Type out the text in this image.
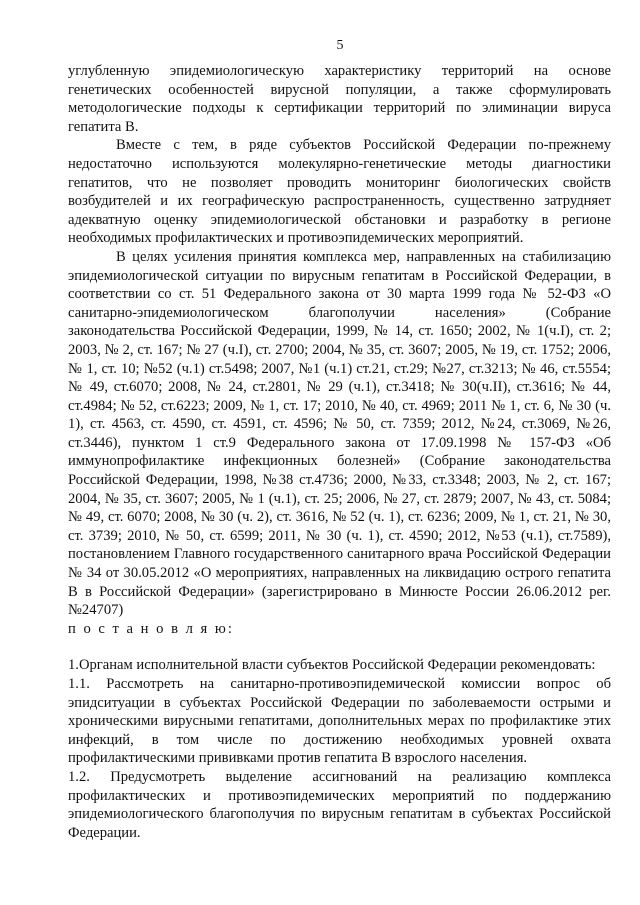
5

углубленную эпидемиологическую характеристику территорий на основе генетических особенностей вирусной популяции, а также сформулировать методологические подходы к сертификации территорий по элиминации вируса гепатита В.

Вместе с тем, в ряде субъектов Российской Федерации по-прежнему недостаточно используются молекулярно-генетические методы диагностики гепатитов, что не позволяет проводить мониторинг биологических свойств возбудителей и их географическую распространенность, существенно затрудняет адекватную оценку эпидемиологической обстановки и разработку в регионе необходимых профилактических и противоэпидемических мероприятий.

В целях усиления принятия комплекса мер, направленных на стабилизацию эпидемиологической ситуации по вирусным гепатитам в Российской Федерации, в соответствии со ст. 51 Федерального закона от 30 марта 1999 года № 52-ФЗ «О санитарно-эпидемиологическом благополучии населения» (Собрание законодательства Российской Федерации, 1999, № 14, ст. 1650; 2002, № 1(ч.I), ст. 2; 2003, № 2, ст. 167; № 27 (ч.I), ст. 2700; 2004, № 35, ст. 3607; 2005, № 19, ст. 1752; 2006, № 1, ст. 10; №52 (ч.1) ст.5498; 2007, №1 (ч.1) ст.21, ст.29; №27, ст.3213; № 46, ст.5554; № 49, ст.6070; 2008, № 24, ст.2801, № 29 (ч.1), ст.3418; № 30(ч.II), ст.3616; № 44, ст.4984; № 52, ст.6223; 2009, № 1, ст. 17; 2010, № 40, ст. 4969; 2011 № 1, ст. 6, № 30 (ч. 1), ст. 4563, ст. 4590, ст. 4591, ст. 4596; № 50, ст. 7359; 2012, №24, ст.3069, №26, ст.3446), пунктом 1 ст.9 Федерального закона от 17.09.1998 № 157-ФЗ «Об иммунопрофилактике инфекционных болезней» (Собрание законодательства Российской Федерации, 1998, №38 ст.4736; 2000, №33, ст.3348; 2003, № 2, ст. 167; 2004, № 35, ст. 3607; 2005, № 1 (ч.1), ст. 25; 2006, № 27, ст. 2879; 2007, № 43, ст. 5084; № 49, ст. 6070; 2008, № 30 (ч. 2), ст. 3616, № 52 (ч. 1), ст. 6236; 2009, № 1, ст. 21, № 30, ст. 3739; 2010, № 50, ст. 6599; 2011, № 30 (ч. 1), ст. 4590; 2012, №53 (ч.1), ст.7589), постановлением Главного государственного санитарного врача Российской Федерации № 34 от 30.05.2012 «О мероприятиях, направленных на ликвидацию острого гепатита В в Российской Федерации» (зарегистрировано в Минюсте России 26.06.2012 рег.№24707)

п о с т а н о в л я ю:

1.Органам исполнительной власти субъектов Российской Федерации рекомендовать:

1.1. Рассмотреть на санитарно-противоэпидемической комиссии вопрос об эпидситуации в субъектах Российской Федерации по заболеваемости острыми и хроническими вирусными гепатитами, дополнительных мерах по профилактике этих инфекций, в том числе по достижению необходимых уровней охвата профилактическими прививками против гепатита В взрослого населения.

1.2. Предусмотреть выделение ассигнований на реализацию комплекса профилактических и противоэпидемических мероприятий по поддержанию эпидемиологического благополучия по вирусным гепатитам в субъектах Российской Федерации.
